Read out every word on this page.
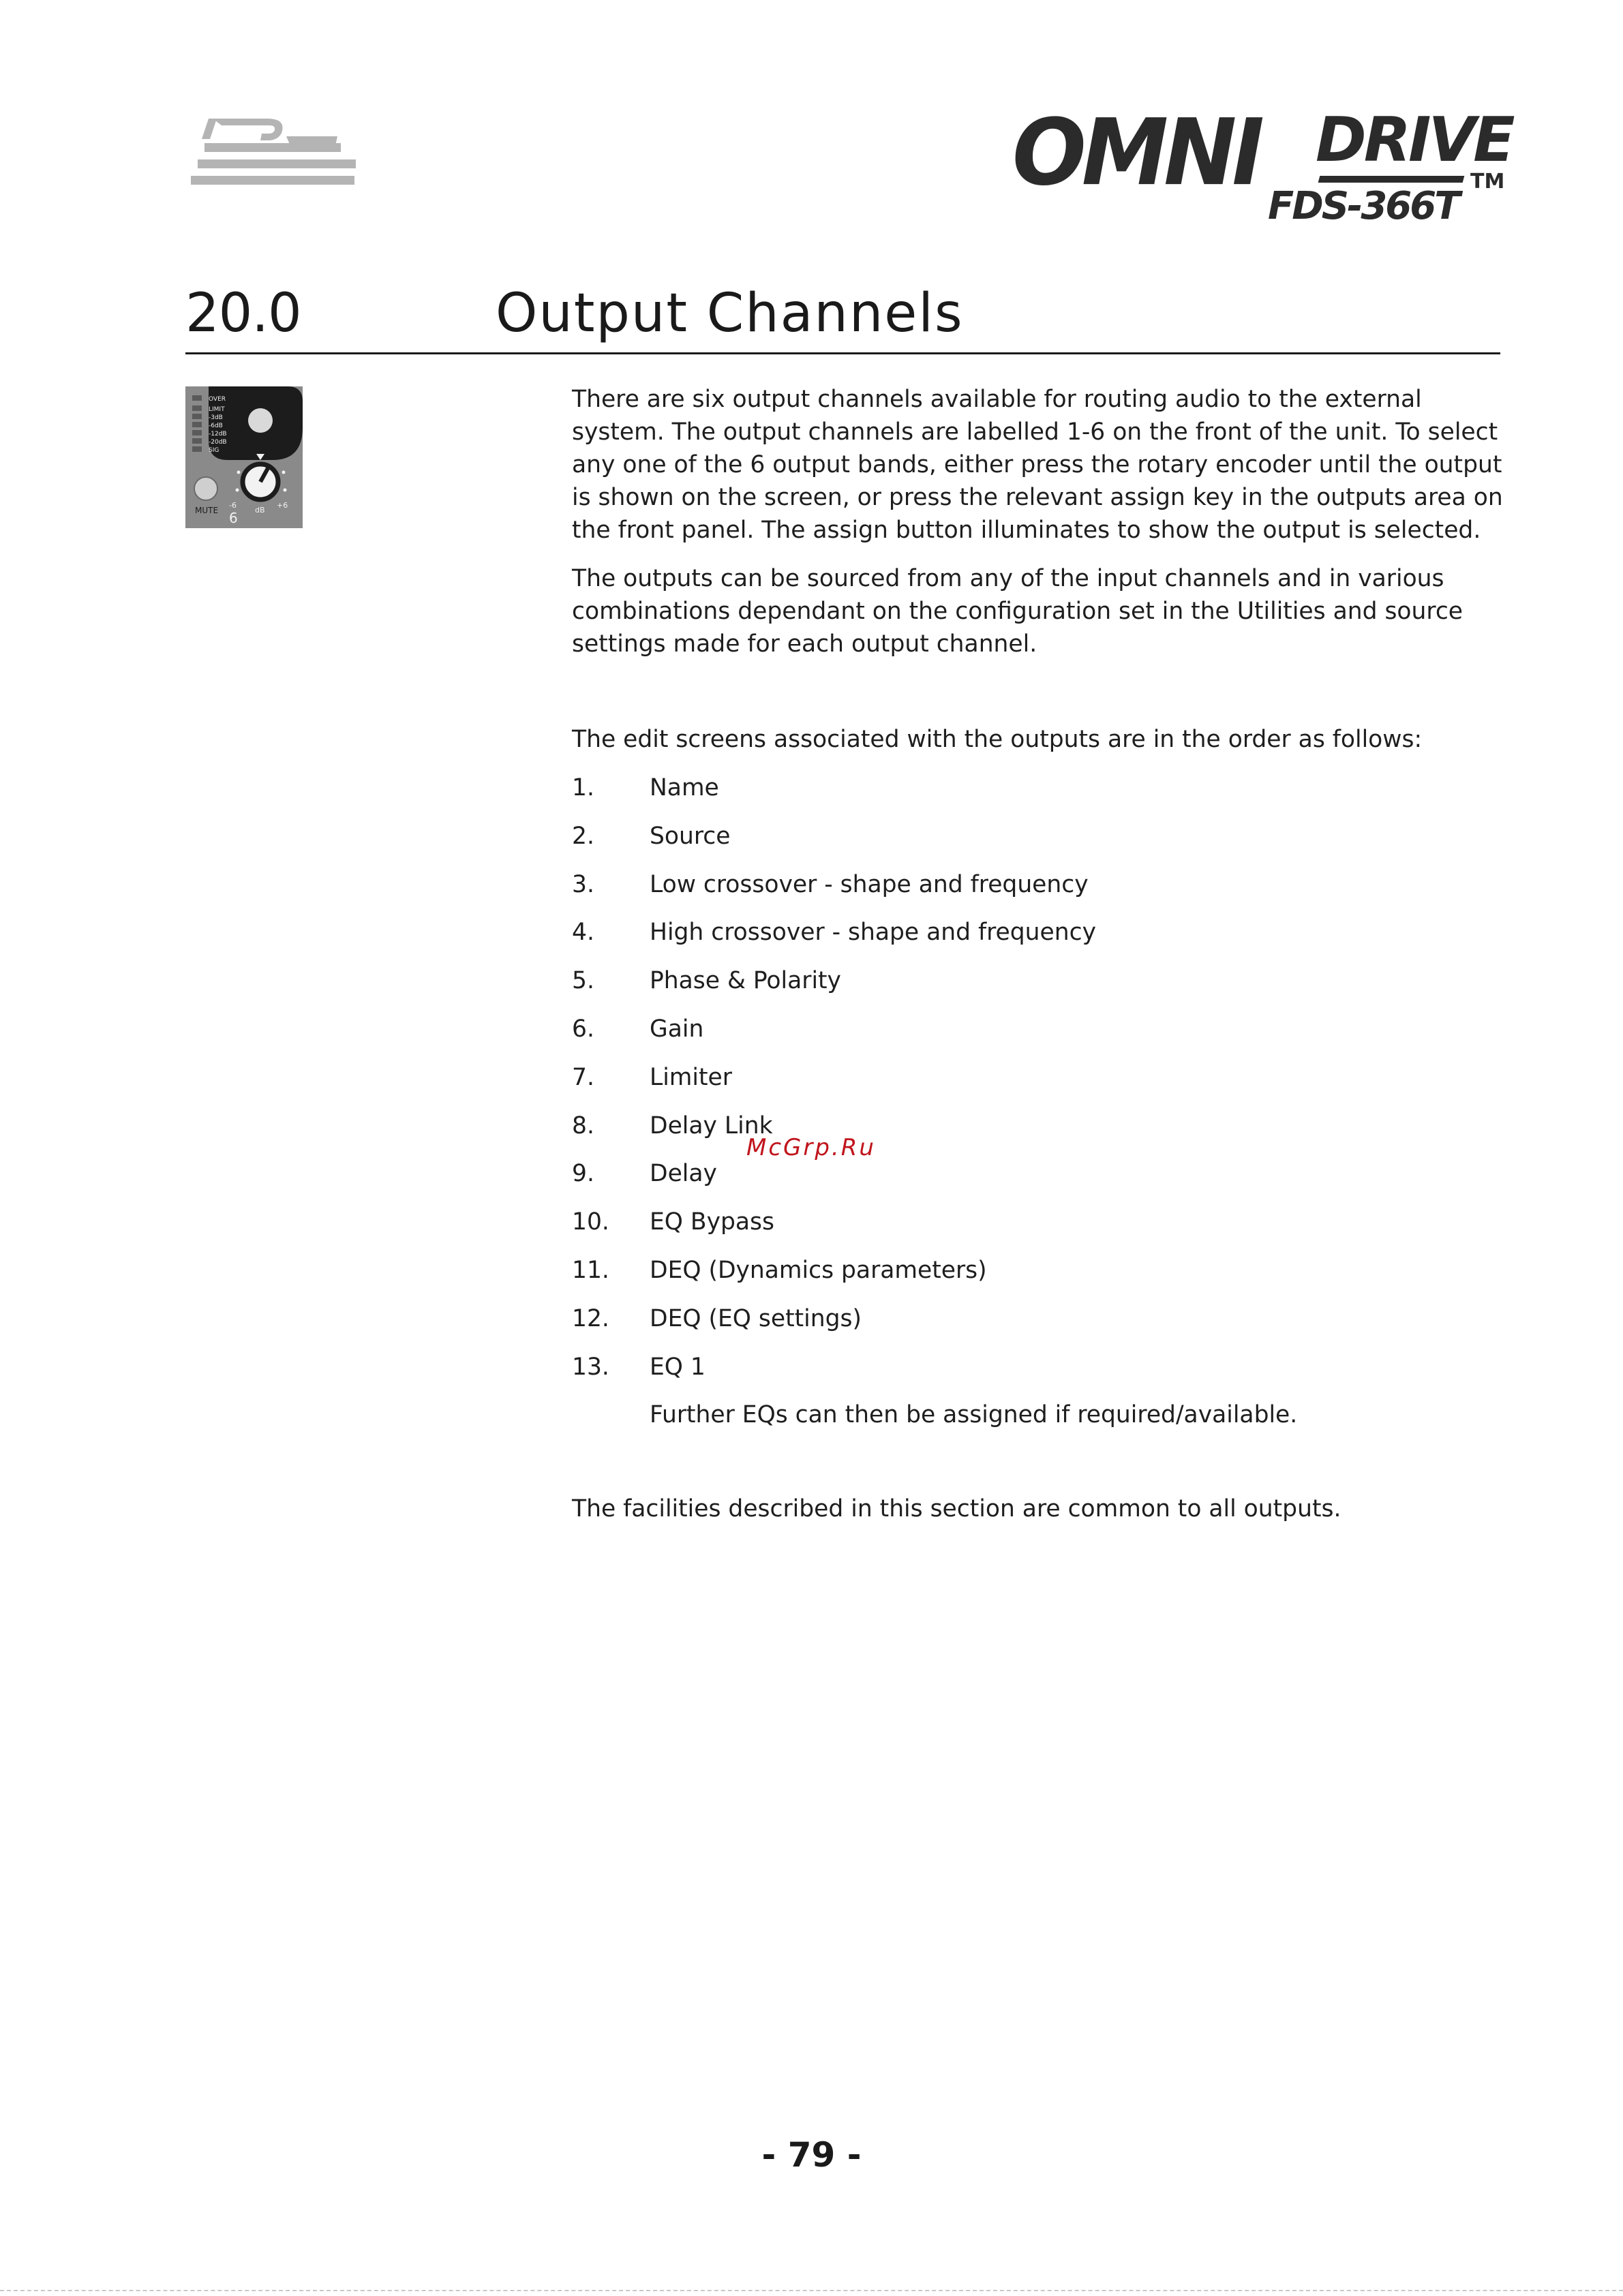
OMNI DRIVE
FDS-366T
TM
20.0	Output Channels
OVER
LIMIT
-3dB
-6dB
-12dB
-20dB
SIG
MUTE
-6
dB
+6
6

There are six output channels available for routing audio to the external system. The output channels are labelled 1-6 on the front of the unit. To select any one of the 6 output bands, either press the rotary encoder until the output is shown on the screen, or press the relevant assign key in the outputs area on the front panel. The assign button illuminates to show the output is selected.

The outputs can be sourced from any of the input channels and in various combinations dependant on the configuration set in the Utilities and source settings made for each output channel.

The edit screens associated with the outputs are in the order as follows:

1. Name
2. Source
3. Low crossover - shape and frequency
4. High crossover - shape and frequency
5. Phase & Polarity
6. Gain
7. Limiter
8. Delay Link
9. Delay
10. EQ Bypass
11. DEQ (Dynamics parameters)
12. DEQ (EQ settings)
13. EQ 1
Further EQs can then be assigned if required/available.

The facilities described in this section are common to all outputs.

McGrp.Ru
- 79 -
